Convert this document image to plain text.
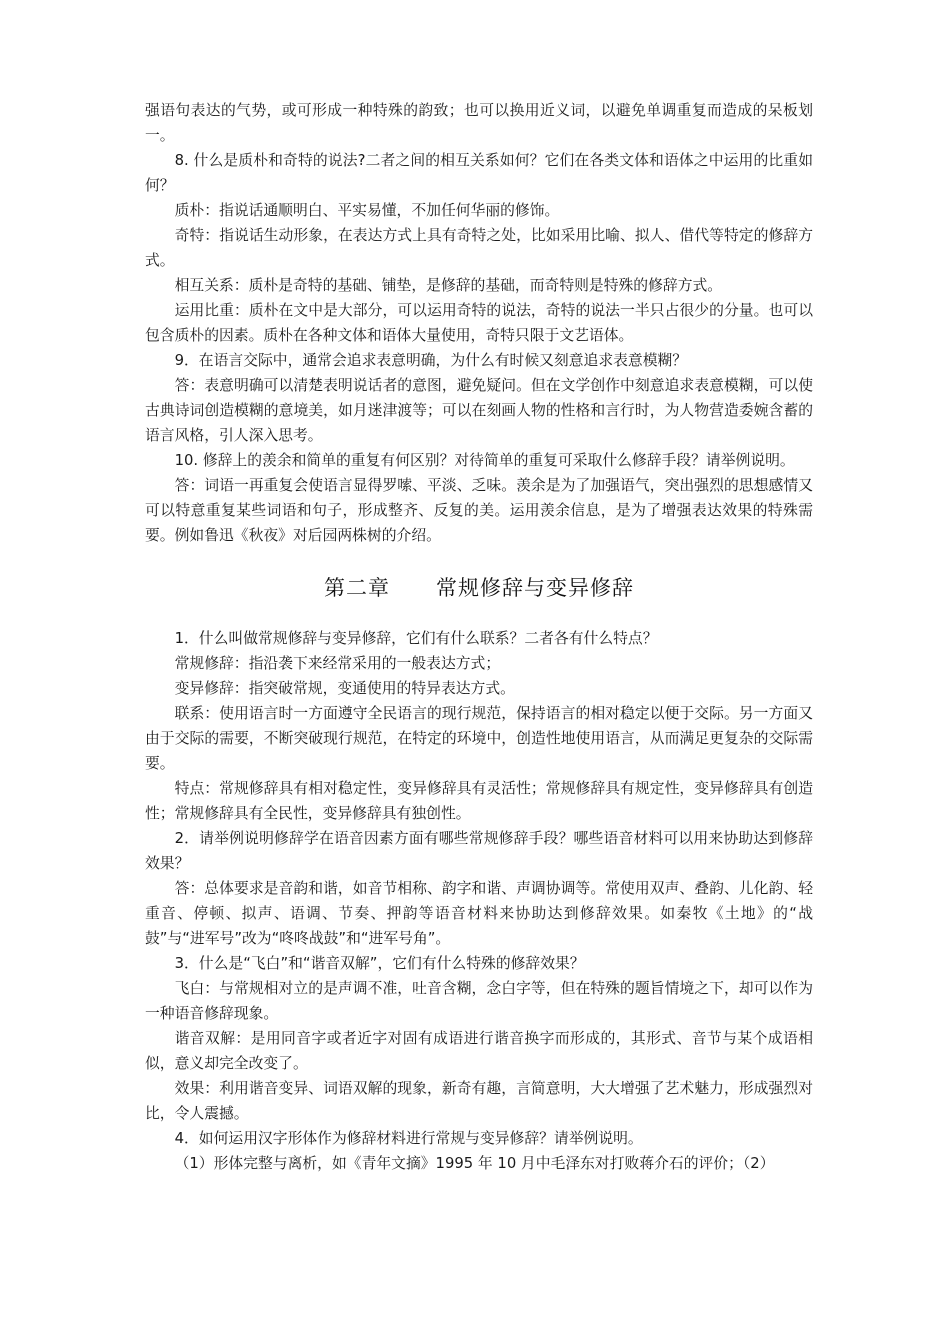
强语句表达的气势，或可形成一种特殊的韵致；也可以换用近义词，以避免单调重复而造成的呆板划一。

8. 什么是质朴和奇特的说法?二者之间的相互关系如何？它们在各类文体和语体之中运用的比重如何？

质朴：指说话通顺明白、平实易懂，不加任何华丽的修饰。

奇特：指说话生动形象，在表达方式上具有奇特之处，比如采用比喻、拟人、借代等特定的修辞方式。

相互关系：质朴是奇特的基础、铺垫，是修辞的基础，而奇特则是特殊的修辞方式。

运用比重：质朴在文中是大部分，可以运用奇特的说法，奇特的说法一半只占很少的分量。也可以包含质朴的因素。质朴在各种文体和语体大量使用，奇特只限于文艺语体。

9．在语言交际中，通常会追求表意明确，为什么有时候又刻意追求表意模糊？

答：表意明确可以清楚表明说话者的意图，避免疑问。但在文学创作中刻意追求表意模糊，可以使古典诗词创造模糊的意境美，如月迷津渡等；可以在刻画人物的性格和言行时，为人物营造委婉含蓄的语言风格，引人深入思考。

10. 修辞上的羡余和简单的重复有何区别？对待简单的重复可采取什么修辞手段？请举例说明。

答：词语一再重复会使语言显得罗嗦、平淡、乏味。羡余是为了加强语气，突出强烈的思想感情又可以特意重复某些词语和句子，形成整齐、反复的美。运用羡余信息，是为了增强表达效果的特殊需要。例如鲁迅《秋夜》对后园两株树的介绍。

第二章      常规修辞与变异修辞

1．什么叫做常规修辞与变异修辞，它们有什么联系？二者各有什么特点？

常规修辞：指沿袭下来经常采用的一般表达方式；

变异修辞：指突破常规，变通使用的特异表达方式。

联系：使用语言时一方面遵守全民语言的现行规范，保持语言的相对稳定以便于交际。另一方面又由于交际的需要，不断突破现行规范，在特定的环境中，创造性地使用语言，从而满足更复杂的交际需要。

特点：常规修辞具有相对稳定性，变异修辞具有灵活性；常规修辞具有规定性，变异修辞具有创造性；常规修辞具有全民性，变异修辞具有独创性。

2．请举例说明修辞学在语音因素方面有哪些常规修辞手段？哪些语音材料可以用来协助达到修辞效果？

答：总体要求是音韵和谐，如音节相称、韵字和谐、声调协调等。常使用双声、叠韵、儿化韵、轻重音、停顿、拟声、语调、节奏、押韵等语音材料来协助达到修辞效果。如秦牧《土地》的“战鼓”与“进军号”改为“咚咚战鼓”和“进军号角”。

3．什么是“飞白”和“谐音双解”，它们有什么特殊的修辞效果？

飞白：与常规相对立的是声调不准，吐音含糊，念白字等，但在特殊的题旨情境之下，却可以作为一种语音修辞现象。

谐音双解：是用同音字或者近字对固有成语进行谐音换字而形成的，其形式、音节与某个成语相似，意义却完全改变了。

效果：利用谐音变异、词语双解的现象，新奇有趣，言简意明，大大增强了艺术魅力，形成强烈对比，令人震撼。

4．如何运用汉字形体作为修辞材料进行常规与变异修辞？请举例说明。

（1）形体完整与离析，如《青年文摘》1995 年 10 月中毛泽东对打败蒋介石的评价；（2）
